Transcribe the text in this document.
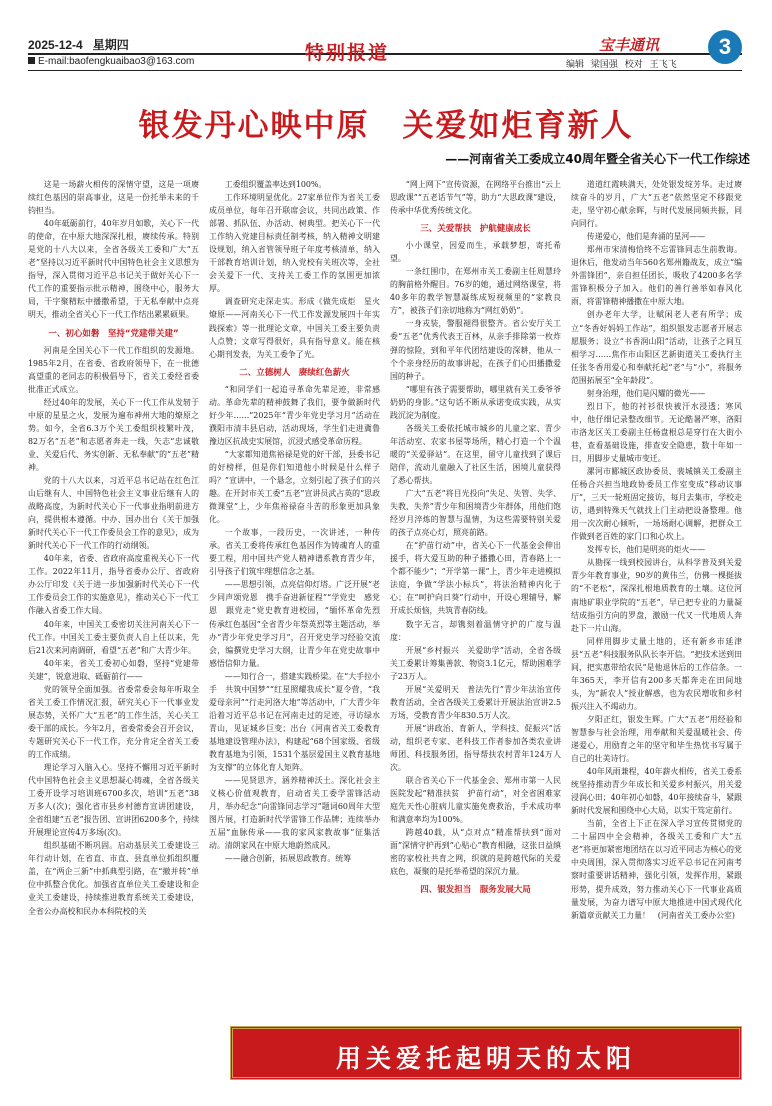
2025-12-4 星期四
E-mail:baofengkuaibao3@163.com	特别报道	宝丰通讯	3
编辑 梁国强 校对 王飞飞
银发丹心映中原　关爱如炬育新人
——河南省关工委成立40周年暨全省关心下一代工作综述

这是一场薪火相传的深情守望，这是一项赓续红色基因的崇高事业，这是一份托举未来的千钧担当。

40年砥砺前行，40年岁月如歌，关心下一代的使命，在中原大地深深扎根，赓续传承。特别是党的十八大以来，全省各级关工委和广大“五老”坚持以习近平新时代中国特色社会主义思想为指导，深入贯彻习近平总书记关于做好关心下一代工作的重要指示批示精神，围绕中心，服务大局，干字聚精耘中播撒希望，于无私奉献中点亮明天，推动全省关心下一代工作结出累累硕果。

一、初心如磐　坚持“党建带关建”

河南是全国关心下一代工作组织的发源地。1985年2月，在省委、省政府领导下，在一批德高望重的老同志的积极倡导下，省关工委经省委批准正式成立。

经过40年的发展，关心下一代工作从发轫于中原的星星之火，发展为遍布神州大地的燎原之势。如今，全省6.3万个关工委组织枝繁叶茂，82万名“五老”和志愿者奔走一线，矢志“忠诚敬业、关爱后代、务实创新、无私奉献”的“五老”精神。

党的十八大以来，习近平总书记站在红色江山后继有人、中国特色社会主义事业后继有人的战略高度，为新时代关心下一代事业指明前进方向，提供根本遵循。中办、国办出台《关于加强新时代关心下一代工作委员会工作的意见》，成为新时代关心下一代工作的行动纲领。

40年来，省委、省政府高度重视关心下一代工作。2022年11月，指导省委办公厅、省政府办公厅印发《关于进一步加强新时代关心下一代工作委员会工作的实施意见》，推动关心下一代工作融入省委工作大局。

40年来，中国关工委密切关注河南关心下一代工作。中国关工委主要负责人自上任以来，先后21次来河南调研，看望“五老”和广大青少年。

40年来，省关工委初心如磐，坚持“党建带关建”，锐意进取、砥砺前行——

党的领导全面加强。省委常委会每年听取全省关工委工作情况汇报，研究关心下一代事业发展态势，关怀广大“五老”的工作生活，关心关工委干部的成长。今年2月，省委常委会召开会议，专题研究关心下一代工作，充分肯定全省关工委的工作成绩。

理论学习入脑入心。坚持不懈用习近平新时代中国特色社会主义思想凝心铸魂，全省各级关工委开设学习培训班6700多次，培训“五老”38万多人(次)；强化省市县乡村德育宣讲团建设，全省组建“五老”报告团、宣讲团6200多个，持续开展理论宣传4万多场(次)。

组织基础不断巩固。启动基层关工委建设三年行动计划，在省直、市直、县直单位抓组织覆盖，在“两企三新”中抓典型引路，在“撤并转”单位中抓整合优化。加强省直单位关工委建设和企业关工委建设，持续推进教育系统关工委建设，全省公办高校和民办本科院校的关

工委组织覆盖率达到100%。

工作环境明显优化。27家单位作为省关工委成员单位，每年召开联席会议，共同出政策、作部署、抓队伍、办活动、树典型。把关心下一代工作纳入党建目标责任制考核，纳入精神文明建设规划，纳入省管领导班子年度考核清单，纳入干部教育培训计划，纳入党校有关班次等，全社会关爱下一代、支持关工委工作的氛围更加浓厚。

调查研究走深走实。形成《做先成炬　星火燎原——河南关心下一代工作发源发展四十年实践探索》等一批理论文章，中国关工委主要负责人点赞；文章写得很好，具有指导意义。能在核心期刊发表，为关工委争了光。

二、立德树人　赓续红色薪火

“和同学们一起追寻革命先辈足迹，非常感动。革命先辈的精神鼓舞了我们，要争做新时代好少年……”2025年“青少年党史学习月”活动在濮阳市清丰县启动，活动现场，学生们走进冀鲁豫边区抗战史实展馆，沉浸式感受革命历程。

“大家都知道焦裕禄是党的好干部，县委书记的好榜样，但是你们知道他小时候是什么样子吗？”宣讲中，一个悬念，立刻引起了孩子们的兴趣。在开封市关工委“五老”宣讲员武占英的“思政微课堂”上，少年焦裕禄奋斗苦的形象更加具象化。

一个故事，一段历史，一次讲述，一种传承。省关工委将传承红色基因作为铸魂育人的重要工程，用中国共产党人精神谱系教育青少年，引导孩子们筑牢理想信念之基。

——思想引领，点亮信仰灯塔。广泛开展“老少同声颂党恩　携手奋进新征程”“学党史　感党恩　跟党走”党史教育进校园，“缅怀革命先烈　传承红色基因”全省青少年祭英烈等主题活动，举办“青少年党史学习月”，召开党史学习经验交流会，编撰党史学习大纲，让青少年在党史故事中感悟信仰力量。

——知行合一，搭建实践桥梁。在“大手拉小手　共筑中国梦”“红星照耀我成长”夏令营，“我爱母亲河”“行走河洛大地”等活动中，广大青少年沿着习近平总书记在河南走过的足迹，寻访绿水青山，见证城乡巨变；出台《河南省关工委教育基地建设管理办法》，构建起“68个国家级、省级教育基地为引领，1531个基层爱国主义教育基地为支撑”的立体化育人矩阵。

——见贤思齐，涵养精神沃土。深化社会主义核心价值观教育，启动省关工委学雷锋活动月，举办纪念“向雷锋同志学习”题词60周年大型图片展，打造新时代学雷锋工作品牌；连续举办五届“血脉传承——我的家风家教故事”征集活动。清朗家风在中原大地蔚然成风。

——融合创新，拓展思政教育。统筹

“网上网下”宣传资源，在网络平台推出“云上思政课”“五老话节气”等，助力“大思政课”建设，传承中华优秀传统文化。

三、关爱帮扶　护航健康成长

小小课堂，因爱而生，承载梦想，寄托希望。

一条红围巾，在郑州市关工委副主任周慧玲的胸前格外醒目。76岁的她，通过网络课堂，将40多年的教学智慧凝练成短视频里的“家教良方”，被孩子们亲切地称为“网红奶奶”。

一身戎装，警服褪得很整齐。省公安厅关工委“五老”优秀代表王百林，从亲手排除第一枚炸弹的惊险，到和平年代团结建设的深耕，他从一个个亲身经历的故事讲起，在孩子们心田播撒爱国的种子。

“哪里有孩子需要帮助，哪里就有关工委爷爷奶奶的身影。”这句话不断从承诺变成实践，从实践沉淀为制度。

各级关工委依托城市城乡的儿童之家、青少年活动室、农家书屋等场所，精心打造一个个温暖的“关爱驿站”。在这里，留守儿童找到了课后陪伴，流动儿童融入了社区生活，困境儿童获得了悉心帮扶。

广大“五老”将目光投向“失足、失管、失学、失教、失养”青少年和困境青少年群体，用他们饱经岁月淬炼的智慧与温情，为这些需要特别关爱的孩子点亮心灯，照亮前路。

在“护苗行动”中，省关心下一代基金会伸出援手，将大爱互助的种子播撒心田，青春路上一个都不能少”；“开学第一课”上，青少年走进模拟法庭，争做“学法小标兵”，将法治精神内化于心；在“呵护向日葵”行动中，开设心理辅导，解开成长烦恼，共筑青春防线。

数字无言，却镌刻着温情守护的广度与温度：

开展“乡村振兴　关爱助学”活动，全省各级关工委累计筹集善款、物资3.1亿元，帮助困难学子23万人。

开展“关爱明天　普法先行”青少年法治宣传教育活动，全省各级关工委累计开展法治宣讲2.5万场，受教育青少年830.5万人次。

开展“讲政治、育新人，学科技、促振兴”活动，组织老专家、老科技工作者参加各类农业讲师团、科技服务团，指导帮扶农村青年124万人次。

联合省关心下一代基金会、郑州市第一人民医院发起“精准扶贫　护苗行动”，对全省困难家庭先天性心脏病儿童实施免费救治，手术成功率和满意率均为100%。

跨越40载，从“点对点”精准帮扶到“面对面”深情守护再到“心贴心”教育相融，这张日益缜密的家校社共育之网，织就的是跨越代际的关爱底色，凝聚的是托举希望的深沉力量。

四、银发担当　服务发展大局

道道红霞映满天，处处银发绽芳华。走过赓续奋斗的岁月，广大“五老”依然坚定不移跟党走，坚守初心献余晖，与时代发展同频共振，同向同行。

传递爱心，他们是奔涌的星河——

郑州市宋清梅恰终不忘雷锋同志生前教诲。退休后，他发动当年560名郑州籍战友，成立“编外雷锋团”，亲自担任团长，吸收了4200多名学雷锋积极分子加入。他们的善行善举如春风化雨，将雷锋精神播撒在中原大地。

创办老年大学，让赋闲老人老有所学；成立“冬香好妈妈工作站”，组织银发志愿者开展志愿服务；设立“书香润山阳”活动，让孩子之间互相学习……焦作市山阳区艺新街道关工委执行主任张冬香用爱心和奉献托起“老”与“小”，将服务范围拓展至“全年龄段”。

射身治理，他们是闪耀的微光——

烈日下，他的衬衫很快被汗水浸透；寒风中，他仔细记录整改细节。无论酷暑严寒，洛阳市洛龙区关工委副主任杨盘根总是穿行在大街小巷，查看基础设施，排查安全隐患，数十年如一日，用脚步丈量城市变迁。

漯河市郾城区政协委员、裴城镇关工委副主任杨合兴担当地政协委员工作室变成“移动议事厅”，三天一轮班固定接访，每月去集市，学校走访，遇到特殊天气就找上门主动把设备整理。他用一次次耐心倾听，一场场耐心调解，把群众工作做到老百姓的家门口和心坎上。

发挥专长，他们是明亮的炬火——

从勘探一线到校园讲台，从科学普及到关爱青少年教育事业，90岁的黄伟兰，仿佛一棵挺拔的“不老松”，深深扎根地质教育的土壤。这位河南地矿职业学院的“五老”，早已把专业的力量凝结成指引方向的罗盘，激励一代又一代地质人奔赴下一片山海。

同样用脚步丈量土地的，还有新乡市延津县“五老”科技服务队队长李开信。“把技术送到田间，把实惠带给农民”是他退休后的工作信条。一年365天，李开信有200多天都奔走在田间地头，为“新农人”授业解惑，也为农民增收和乡村振兴注入不竭动力。

夕阳正红，银发生辉。广大“五老”用经验和智慧参与社会治理，用奉献和关爱温暖社会、传递爱心，用励育之年的坚守和毕生热忱书写属于自己的壮美诗行。

40年风雨兼程，40年薪火相传，省关工委系统坚持推动青少年成长和关爱乡村振兴，用关爱浸润心田；40年初心如磐，40年接续奋斗，紧跟新时代发展和围绕中心大局，以实干笃定前行。

当前，全省上下正在深入学习宣传贯彻党的二十届四中全会精神，各级关工委和广大“五老”将更加紧密地团结在以习近平同志为核心的党中央周围，深入贯彻落实习近平总书记在河南考察时重要讲话精神，强化引领，发挥作用，紧跟形势，提升成效，努力推动关心下一代事业高质量发展，为奋力谱写中原大地推进中国式现代化新篇章贡献关工力量！　(河南省关工委办公室)

用关爱托起明天的太阳
